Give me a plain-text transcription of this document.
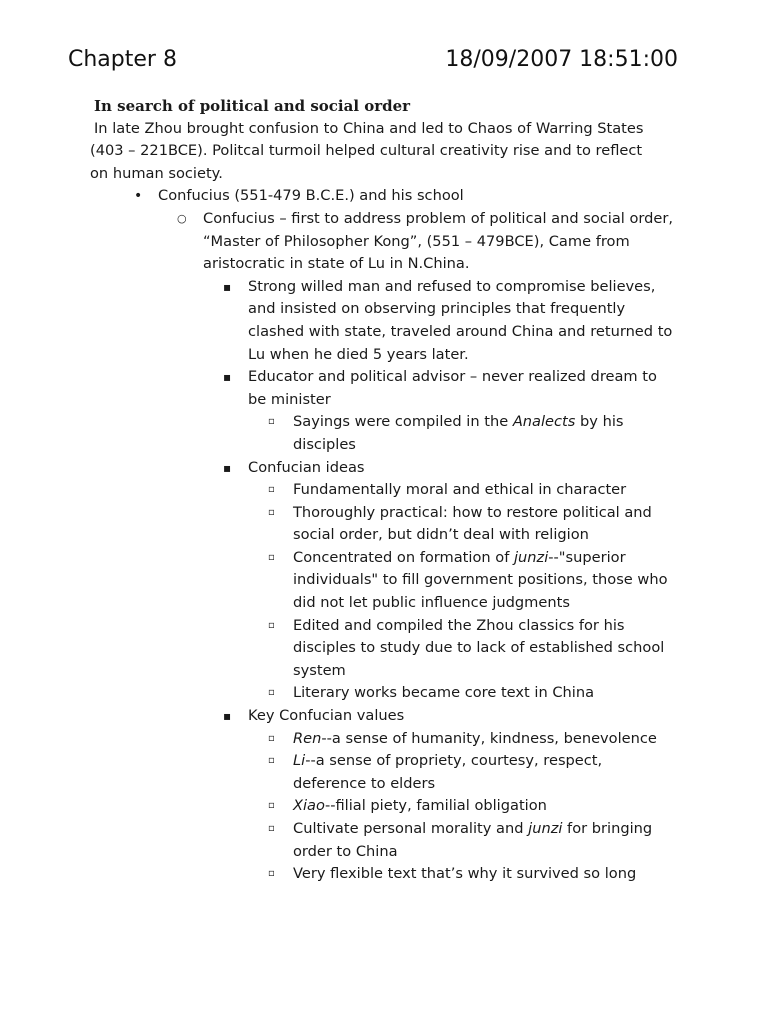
Chapter 8	18/09/2007 18:51:00
In search of political and social order
In late Zhou brought confusion to China and led to Chaos of Warring States
(403 – 221BCE). Politcal turmoil helped cultural creativity rise and to reflect
on human society.
• Confucius (551-479 B.C.E.) and his school
○ Confucius – first to address problem of political and social order, “Master of Philosopher Kong”, (551 – 479BCE), Came from aristocratic in state of Lu in N.China.
▪ Strong willed man and refused to compromise believes, and insisted on observing principles that frequently clashed with state, traveled around China and returned to Lu when he died 5 years later.
▪ Educator and political advisor – never realized dream to be minister
▫ Sayings were compiled in the Analects by his disciples
▪ Confucian ideas
▫ Fundamentally moral and ethical in character
▫ Thoroughly practical: how to restore political and social order, but didn’t deal with religion
▫ Concentrated on formation of junzi--"superior individuals" to fill government positions, those who did not let public influence judgments
▫ Edited and compiled the Zhou classics for his disciples to study due to lack of established school system
▫ Literary works became core text in China
▪ Key Confucian values
▫ Ren--a sense of humanity, kindness, benevolence
▫ Li--a sense of propriety, courtesy, respect, deference to elders
▫ Xiao--filial piety, familial obligation
▫ Cultivate personal morality and junzi for bringing order to China
▫ Very flexible text that’s why it survived so long
